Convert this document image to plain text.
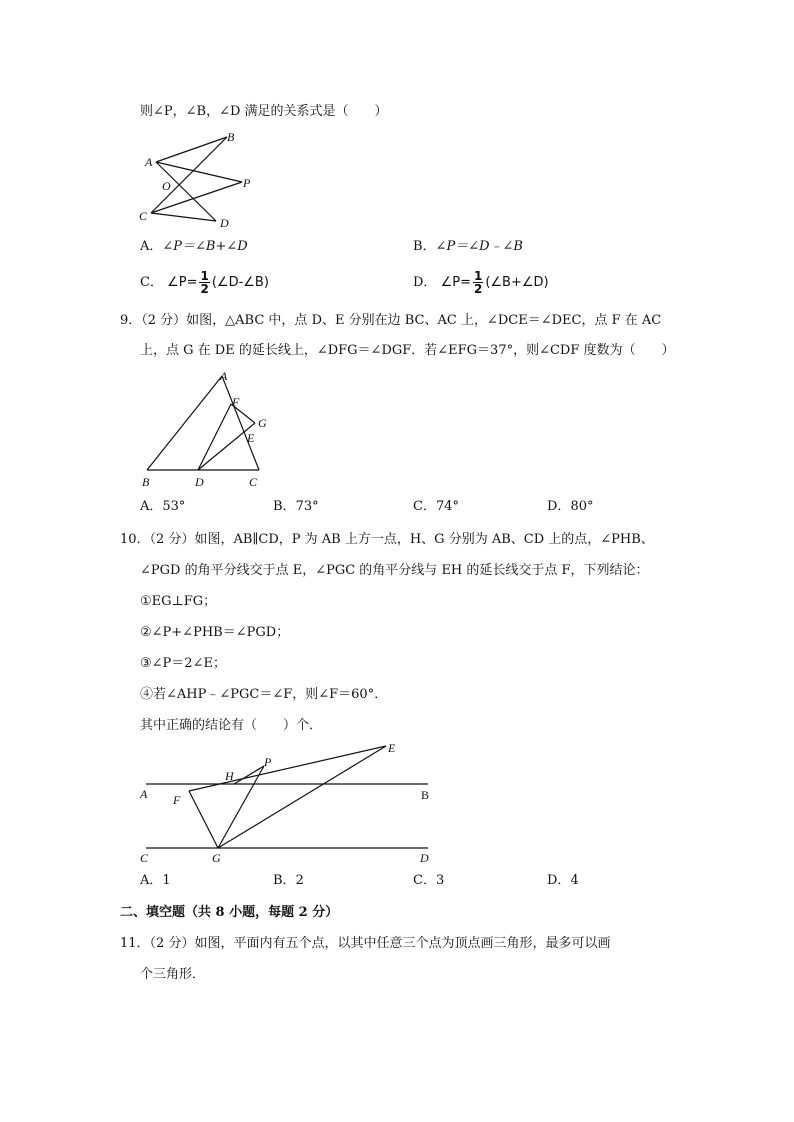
则∠P，∠B，∠D 满足的关系式是（　　）
B
A
O	P
C	D
A．∠P＝∠B+∠D	B．∠P＝∠D﹣∠B
C． ∠P= $\frac{1}{2}$ (∠D-∠B)	D． ∠P= $\frac{1}{2}$ (∠B+∠D)
9．（2 分）如图，△ABC 中，点 D、E 分别在边 BC、AC 上，∠DCE＝∠DEC，点 F 在 AC
上，点 G 在 DE 的延长线上，∠DFG＝∠DGF．若∠EFG＝37°，则∠CDF 度数为（　　）
A
F
G
E
B	D	C
A．53°	B．73°	C．74°	D．80°
10．（2 分）如图，AB∥CD，P 为 AB 上方一点，H、G 分别为 AB、CD 上的点，∠PHB、
∠PGD 的角平分线交于点 E，∠PGC 的角平分线与 EH 的延长线交于点 F，下列结论：
①EG⊥FG；
②∠P+∠PHB＝∠PGD；
③∠P＝2∠E；
④若∠AHP﹣∠PGC＝∠F，则∠F＝60°．
其中正确的结论有（　　）个．
E
P
H
A	B
F
C	G	D
A．1	B．2	C．3	D．4
二、填空题（共 8 小题，每题 2 分）
11．（2 分）如图，平面内有五个点，以其中任意三个点为顶点画三角形，最多可以画
个三角形．
